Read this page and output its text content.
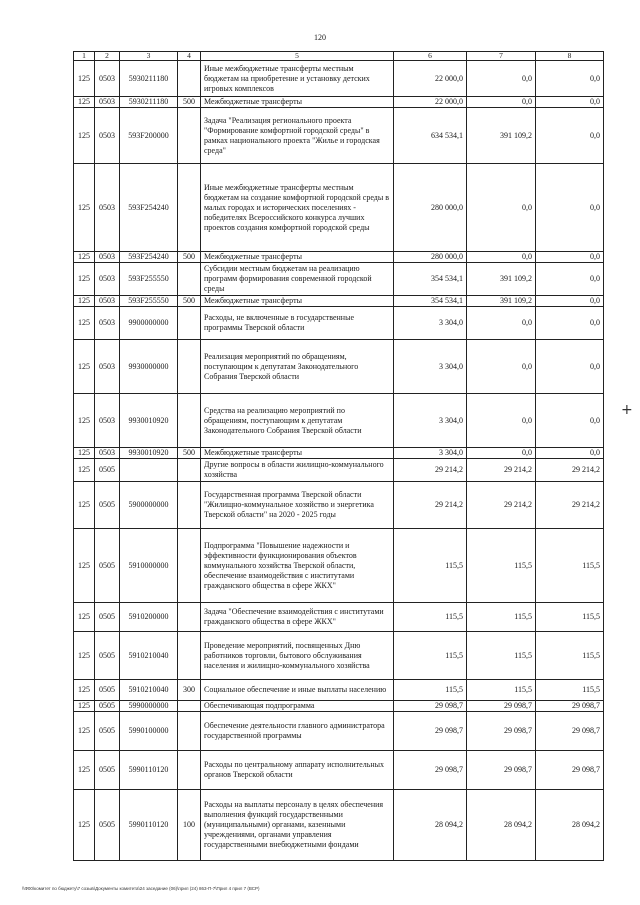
120
1	2	3	4	5	6	7	8
125	0503	5930211180		Иные межбюджетные трансферты местным бюджетам на приобретение и установку детских игровых комплексов	22 000,0	0,0	0,0
125	0503	5930211180	500	Межбюджетные трансферты	22 000,0	0,0	0,0
125	0503	593F200000		Задача "Реализация регионального проекта "Формирование комфортной городской среды" в рамках национального проекта "Жилье и городская среда"	634 534,1	391 109,2	0,0
125	0503	593F254240		Иные межбюджетные трансферты местным бюджетам на создание комфортной городской среды в малых городах и исторических поселениях - победителях Всероссийского конкурса лучших проектов создания комфортной городской среды	280 000,0	0,0	0,0
125	0503	593F254240	500	Межбюджетные трансферты	280 000,0	0,0	0,0
125	0503	593F255550		Субсидии местным бюджетам на реализацию программ формирования современной городской среды	354 534,1	391 109,2	0,0
125	0503	593F255550	500	Межбюджетные трансферты	354 534,1	391 109,2	0,0
125	0503	9900000000		Расходы, не включенные в государственные программы Тверской области	3 304,0	0,0	0,0
125	0503	9930000000		Реализация мероприятий по обращениям, поступающим к депутатам Законодательного Собрания Тверской области	3 304,0	0,0	0,0
125	0503	9930010920		Средства на реализацию мероприятий по обращениям, поступающим к депутатам Законодательного Собрания Тверской области	3 304,0	0,0	0,0
125	0503	9930010920	500	Межбюджетные трансферты	3 304,0	0,0	0,0
125	0505			Другие вопросы в области жилищно-коммунального хозяйства	29 214,2	29 214,2	29 214,2
125	0505	5900000000		Государственная программа Тверской области "Жилищно-коммунальное хозяйство и энергетика Тверской области" на 2020 - 2025 годы	29 214,2	29 214,2	29 214,2
125	0505	5910000000		Подпрограмма "Повышение надежности и эффективности функционирования объектов коммунального хозяйства Тверской области, обеспечение взаимодействия с институтами гражданского общества в сфере ЖКХ"	115,5	115,5	115,5
125	0505	5910200000		Задача "Обеспечение взаимодействия с институтами гражданского общества в сфере ЖКХ"	115,5	115,5	115,5
125	0505	5910210040		Проведение мероприятий, посвященных Дню работников торговли, бытового обслуживания населения и жилищно-коммунального хозяйства	115,5	115,5	115,5
125	0505	5910210040	300	Социальное обеспечение и иные выплаты населению	115,5	115,5	115,5
125	0505	5990000000		Обеспечивающая подпрограмма	29 098,7	29 098,7	29 098,7
125	0505	5990100000		Обеспечение деятельности главного администратора государственной программы	29 098,7	29 098,7	29 098,7
125	0505	5990110120		Расходы по центральному аппарату исполнительных органов Тверской области	29 098,7	29 098,7	29 098,7
125	0505	5990110120	100	Расходы на выплаты персоналу в целях обеспечения выполнения функций государственными (муниципальными) органами, казенными учреждениями, органами управления государственными внебюджетными фондами	28 094,2	28 094,2	28 094,2
\\Ф00\комитет по бюджету\7 созыв\Документы комитета\24 заседание (06)\прил (24) 863-П-7\Прил 4 прил 7 (ВСР)
+
